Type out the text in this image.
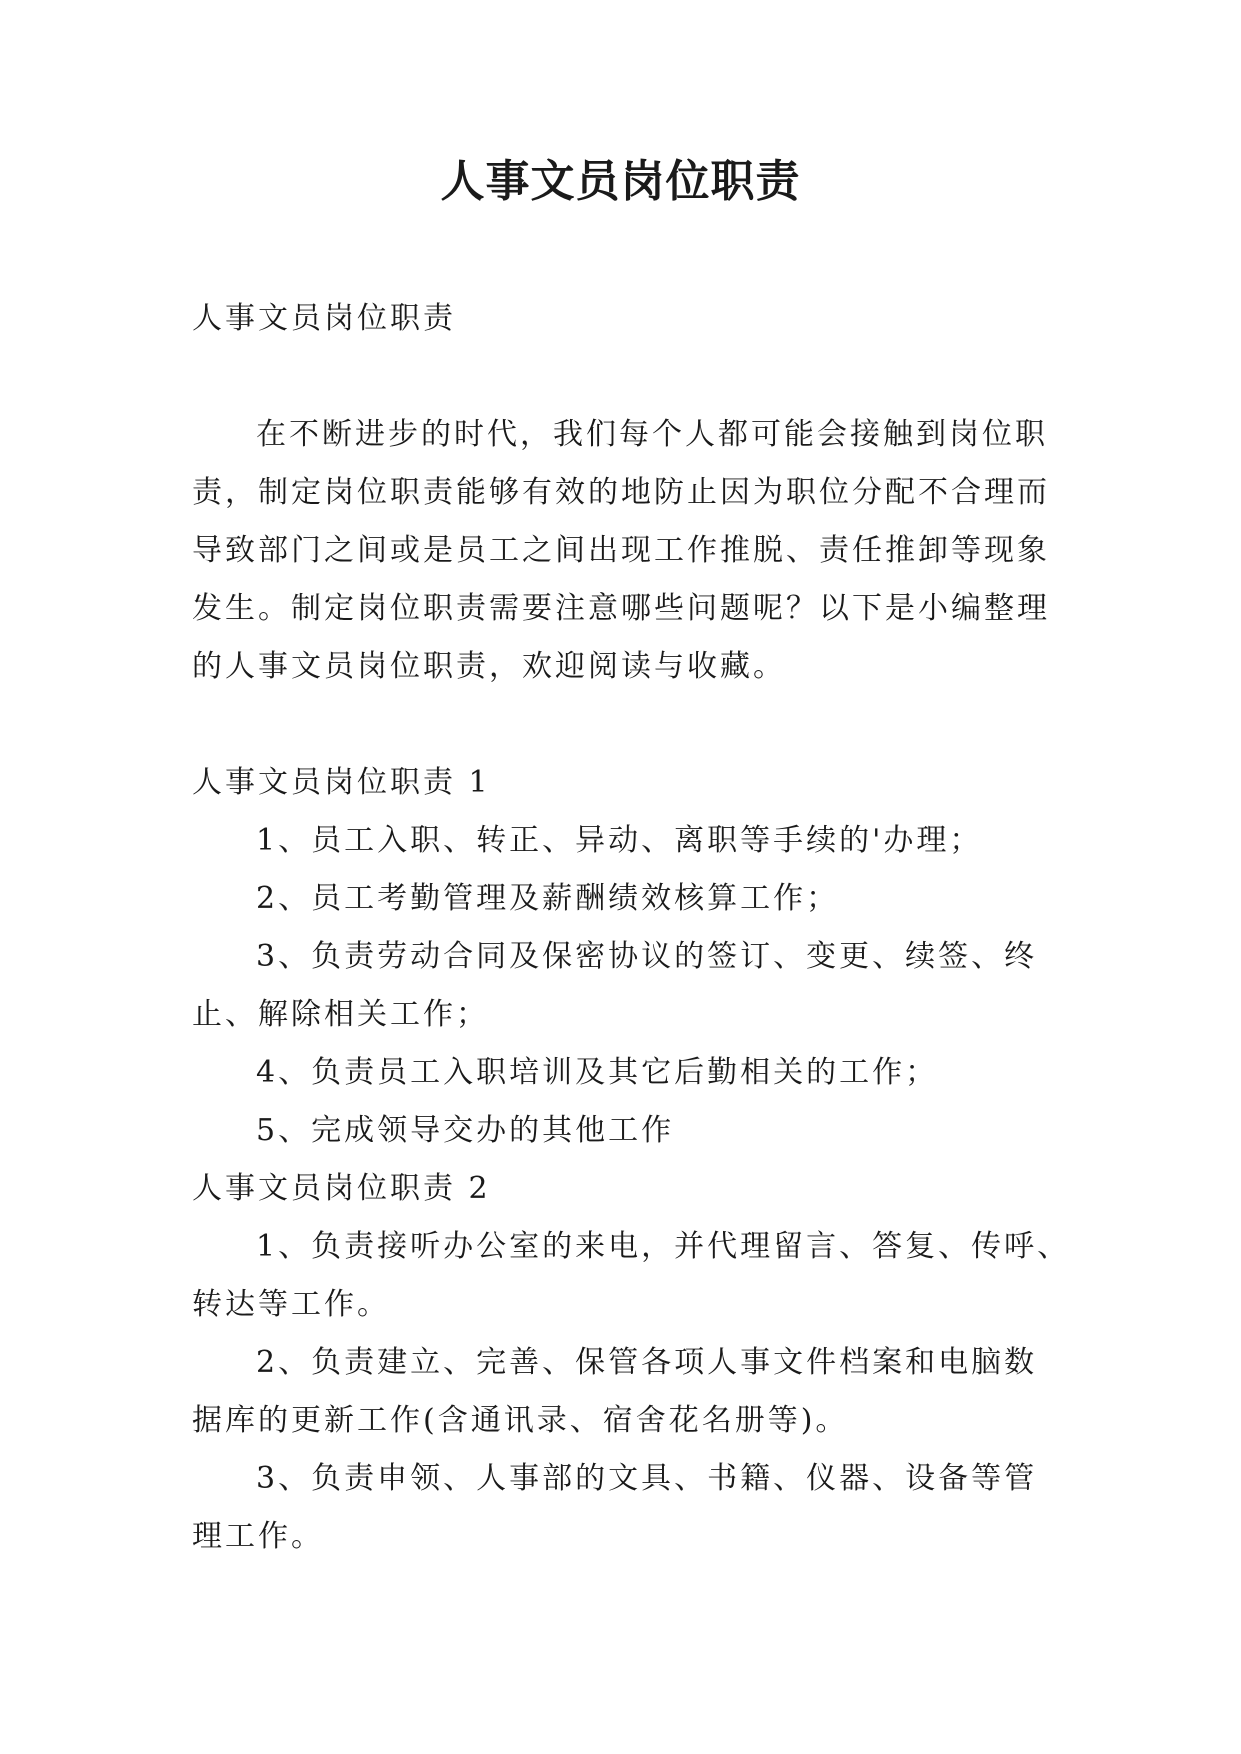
人事文员岗位职责

人事文员岗位职责

在不断进步的时代，我们每个人都可能会接触到岗位职

责，制定岗位职责能够有效的地防止因为职位分配不合理而

导致部门之间或是员工之间出现工作推脱、责任推卸等现象

发生。制定岗位职责需要注意哪些问题呢？以下是小编整理

的人事文员岗位职责，欢迎阅读与收藏。

人事文员岗位职责 1

1、员工入职、转正、异动、离职等手续的'办理；

2、员工考勤管理及薪酬绩效核算工作；

3、负责劳动合同及保密协议的签订、变更、续签、终

止、解除相关工作；

4、负责员工入职培训及其它后勤相关的工作；

5、完成领导交办的其他工作

人事文员岗位职责 2

1、负责接听办公室的来电，并代理留言、答复、传呼、

转达等工作。

2、负责建立、完善、保管各项人事文件档案和电脑数

据库的更新工作(含通讯录、宿舍花名册等)。

3、负责申领、人事部的文具、书籍、仪器、设备等管

理工作。
